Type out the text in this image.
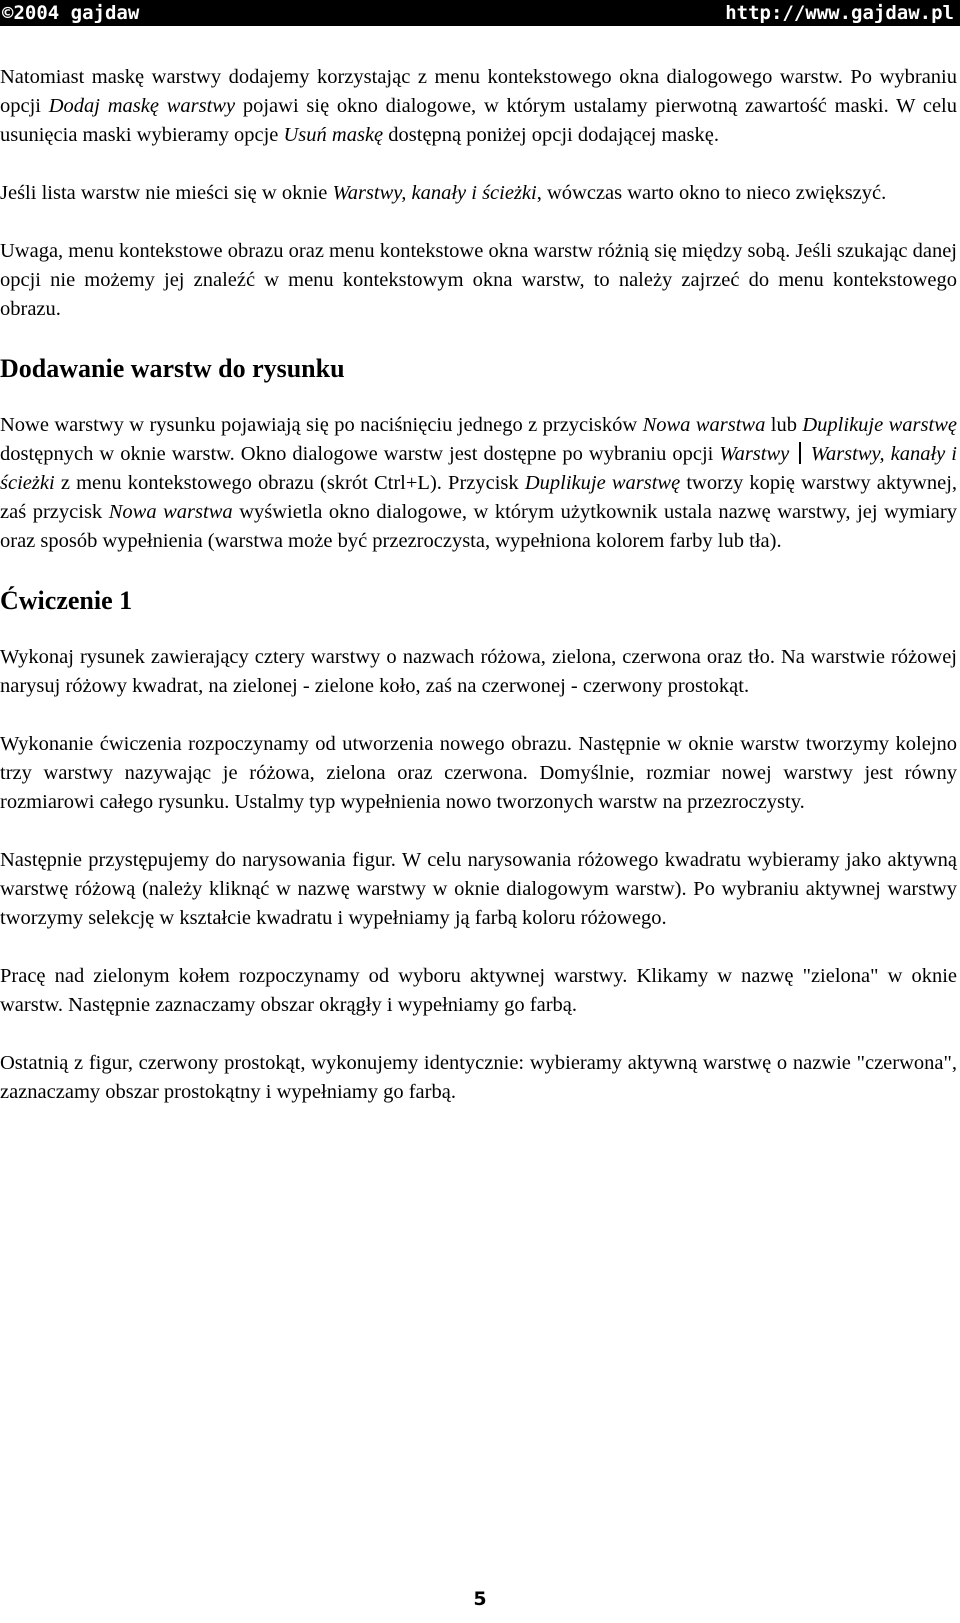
©2004 gajdaw	http://www.gajdaw.pl

Natomiast maskę warstwy dodajemy korzystając z menu kontekstowego okna dialogowego warstw. Po wybraniu opcji Dodaj maskę warstwy pojawi się okno dialogowe, w którym ustalamy pierwotną zawartość maski. W celu usunięcia maski wybieramy opcje Usuń maskę dostępną poniżej opcji dodającej maskę.

Jeśli lista warstw nie mieści się w oknie Warstwy, kanały i ścieżki, wówczas warto okno to nieco zwiększyć.

Uwaga, menu kontekstowe obrazu oraz menu kontekstowe okna warstw różnią się między sobą. Jeśli szukając danej opcji nie możemy jej znaleźć w menu kontekstowym okna warstw, to należy zajrzeć do menu kontekstowego obrazu.

Dodawanie warstw do rysunku

Nowe warstwy w rysunku pojawiają się po naciśnięciu jednego z przycisków Nowa warstwa lub Duplikuje warstwę dostępnych w oknie warstw. Okno dialogowe warstw jest dostępne po wybraniu opcji Warstwy Warstwy, kanały i ścieżki z menu kontekstowego obrazu (skrót Ctrl+L). Przycisk Duplikuje warstwę tworzy kopię warstwy aktywnej, zaś przycisk Nowa warstwa wyświetla okno dialogowe, w którym użytkownik ustala nazwę warstwy, jej wymiary oraz sposób wypełnienia (warstwa może być przezroczysta, wypełniona kolorem farby lub tła).

Ćwiczenie 1

Wykonaj rysunek zawierający cztery warstwy o nazwach różowa, zielona, czerwona oraz tło. Na warstwie różowej narysuj różowy kwadrat, na zielonej - zielone koło, zaś na czerwonej - czerwony prostokąt.

Wykonanie ćwiczenia rozpoczynamy od utworzenia nowego obrazu. Następnie w oknie warstw tworzymy kolejno trzy warstwy nazywając je różowa, zielona oraz czerwona. Domyślnie, rozmiar nowej warstwy jest równy rozmiarowi całego rysunku. Ustalmy typ wypełnienia nowo tworzonych warstw na przezroczysty.

Następnie przystępujemy do narysowania figur. W celu narysowania różowego kwadratu wybieramy jako aktywną warstwę różową (należy kliknąć w nazwę warstwy w oknie dialogowym warstw). Po wybraniu aktywnej warstwy tworzymy selekcję w kształcie kwadratu i wypełniamy ją farbą koloru różowego.

Pracę nad zielonym kołem rozpoczynamy od wyboru aktywnej warstwy. Klikamy w nazwę "zielona" w oknie warstw. Następnie zaznaczamy obszar okrągły i wypełniamy go farbą.

Ostatnią z figur, czerwony prostokąt, wykonujemy identycznie: wybieramy aktywną warstwę o nazwie "czerwona", zaznaczamy obszar prostokątny i wypełniamy go farbą.

5
